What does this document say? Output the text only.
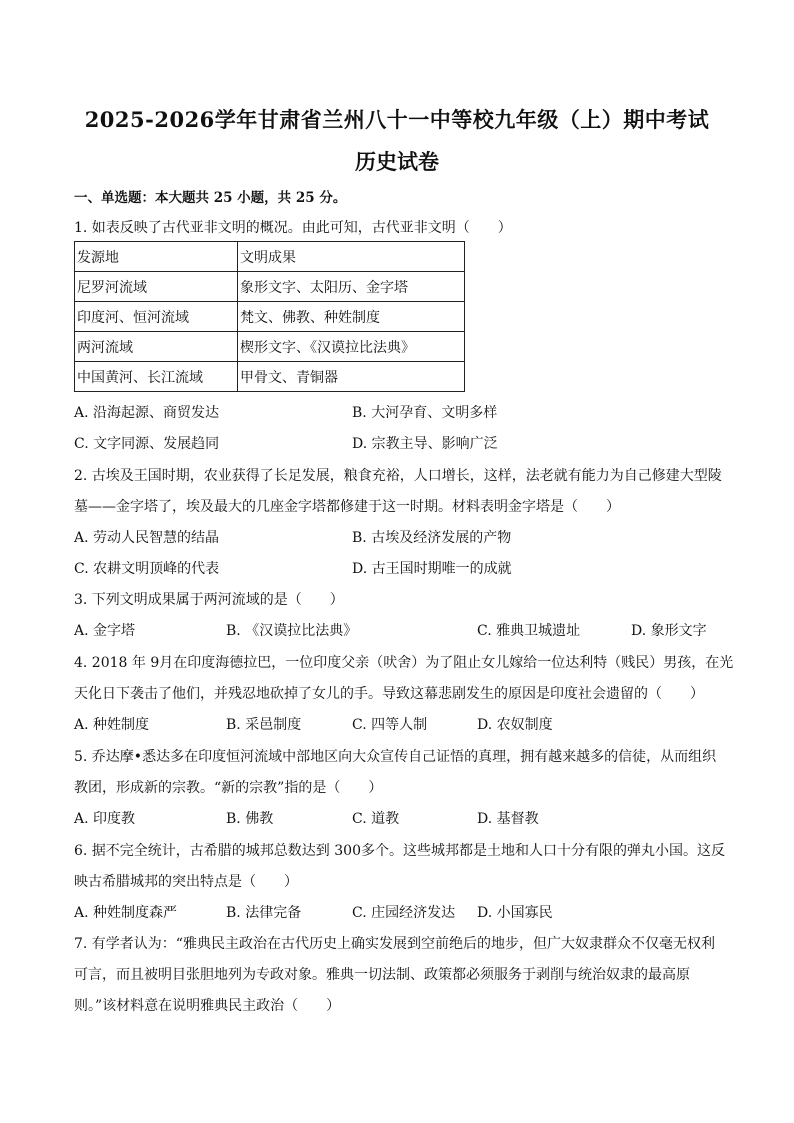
2025-2026学年甘肃省兰州八十一中等校九年级（上）期中考试
历史试卷
一、单选题：本大题共 25 小题，共 25 分。
1. 如表反映了古代亚非文明的概况。由此可知，古代亚非文明（　　）
发源地	文明成果
尼罗河流域	象形文字、太阳历、金字塔
印度河、恒河流域	梵文、佛教、种姓制度
两河流域	楔形文字、《汉谟拉比法典》
中国黄河、长江流域	甲骨文、青铜器
A. 沿海起源、商贸发达	B. 大河孕育、文明多样
C. 文字同源、发展趋同	D. 宗教主导、影响广泛
2. 古埃及王国时期，农业获得了长足发展，粮食充裕，人口增长，这样，法老就有能力为自己修建大型陵
墓——金字塔了，埃及最大的几座金字塔都修建于这一时期。材料表明金字塔是（　　）
A. 劳动人民智慧的结晶	B. 古埃及经济发展的产物
C. 农耕文明顶峰的代表	D. 古王国时期唯一的成就
3. 下列文明成果属于两河流域的是（　　）
A. 金字塔	B. 《汉谟拉比法典》	C. 雅典卫城遗址	D. 象形文字
4. 2018 年 9月在印度海德拉巴，一位印度父亲（吠舍）为了阻止女儿嫁给一位达利特（贱民）男孩，在光
天化日下袭击了他们，并残忍地砍掉了女儿的手。导致这幕悲剧发生的原因是印度社会遗留的（　　）
A. 种姓制度	B. 采邑制度	C. 四等人制	D. 农奴制度
5. 乔达摩•悉达多在印度恒河流域中部地区向大众宣传自己证悟的真理，拥有越来越多的信徒，从而组织
教团，形成新的宗教。“新的宗教”指的是（　　）
A. 印度教	B. 佛教	C. 道教	D. 基督教
6. 据不完全统计，古希腊的城邦总数达到 300多个。这些城邦都是土地和人口十分有限的弹丸小国。这反
映古希腊城邦的突出特点是（　　）
A. 种姓制度森严	B. 法律完备	C. 庄园经济发达 D. 小国寡民
7. 有学者认为：“雅典民主政治在古代历史上确实发展到空前绝后的地步，但广大奴隶群众不仅毫无权利
可言，而且被明目张胆地列为专政对象。雅典一切法制、政策都必须服务于剥削与统治奴隶的最高原
则。”该材料意在说明雅典民主政治（　　）
